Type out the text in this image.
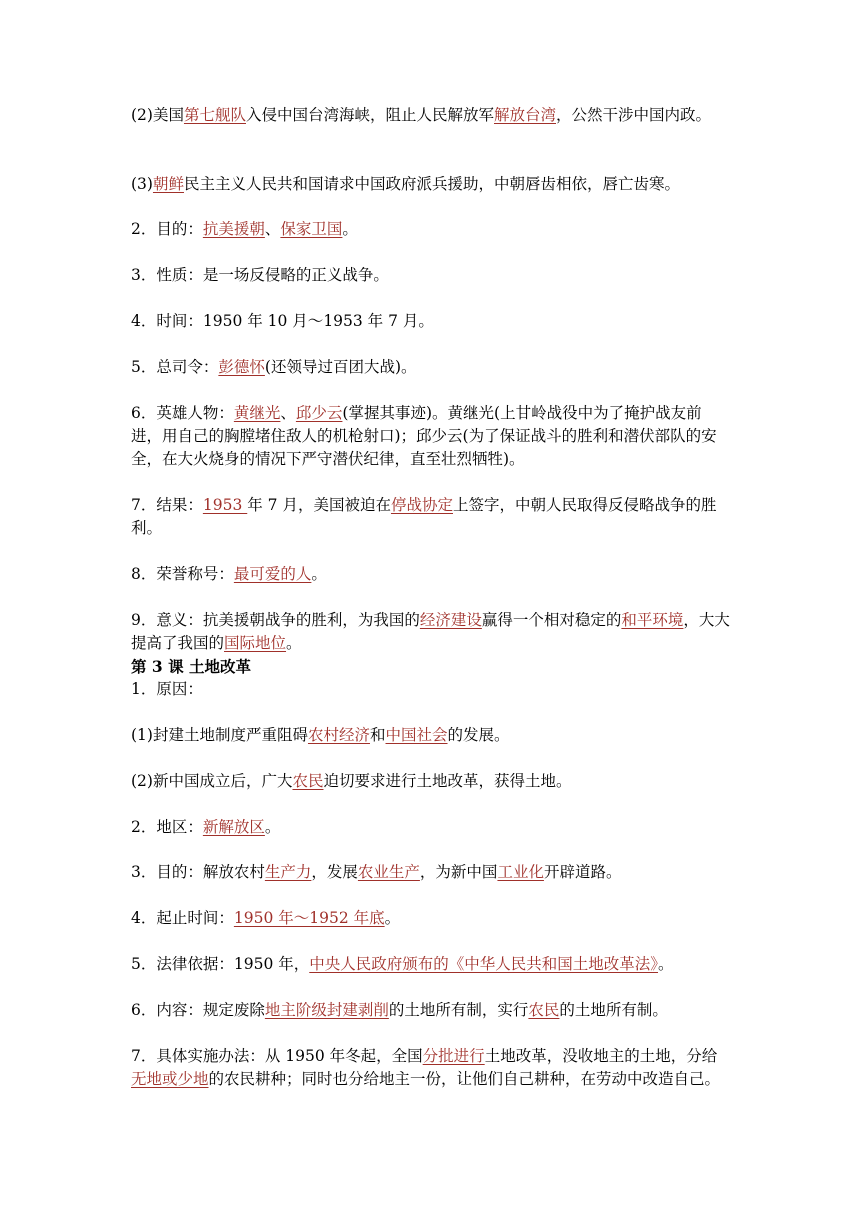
(2)美国第七舰队入侵中国台湾海峡，阻止人民解放军解放台湾，公然干涉中国内政。

(3)朝鲜民主主义人民共和国请求中国政府派兵援助，中朝唇齿相依，唇亡齿寒。

2．目的：抗美援朝、保家卫国。

3．性质：是一场反侵略的正义战争。

4．时间：1950 年 10 月～1953 年 7 月。

5．总司令：彭德怀(还领导过百团大战)。

6．英雄人物：黄继光、邱少云(掌握其事迹)。黄继光(上甘岭战役中为了掩护战友前进，用自己的胸膛堵住敌人的机枪射口)；邱少云(为了保证战斗的胜利和潜伏部队的安全，在大火烧身的情况下严守潜伏纪律，直至壮烈牺牲)。

7．结果：1953 年 7 月，美国被迫在停战协定上签字，中朝人民取得反侵略战争的胜利。

8．荣誉称号：最可爱的人。

9．意义：抗美援朝战争的胜利，为我国的经济建设赢得一个相对稳定的和平环境，大大提高了我国的国际地位。

第 3 课 土地改革

1．原因：

(1)封建土地制度严重阻碍农村经济和中国社会的发展。

(2)新中国成立后，广大农民迫切要求进行土地改革，获得土地。

2．地区：新解放区。

3．目的：解放农村生产力，发展农业生产，为新中国工业化开辟道路。

4．起止时间：1950 年～1952 年底。

5．法律依据：1950 年，中央人民政府颁布的《中华人民共和国土地改革法》。

6．内容：规定废除地主阶级封建剥削的土地所有制，实行农民的土地所有制。

7．具体实施办法：从 1950 年冬起，全国分批进行土地改革，没收地主的土地，分给无地或少地的农民耕种；同时也分给地主一份，让他们自己耕种，在劳动中改造自己。
